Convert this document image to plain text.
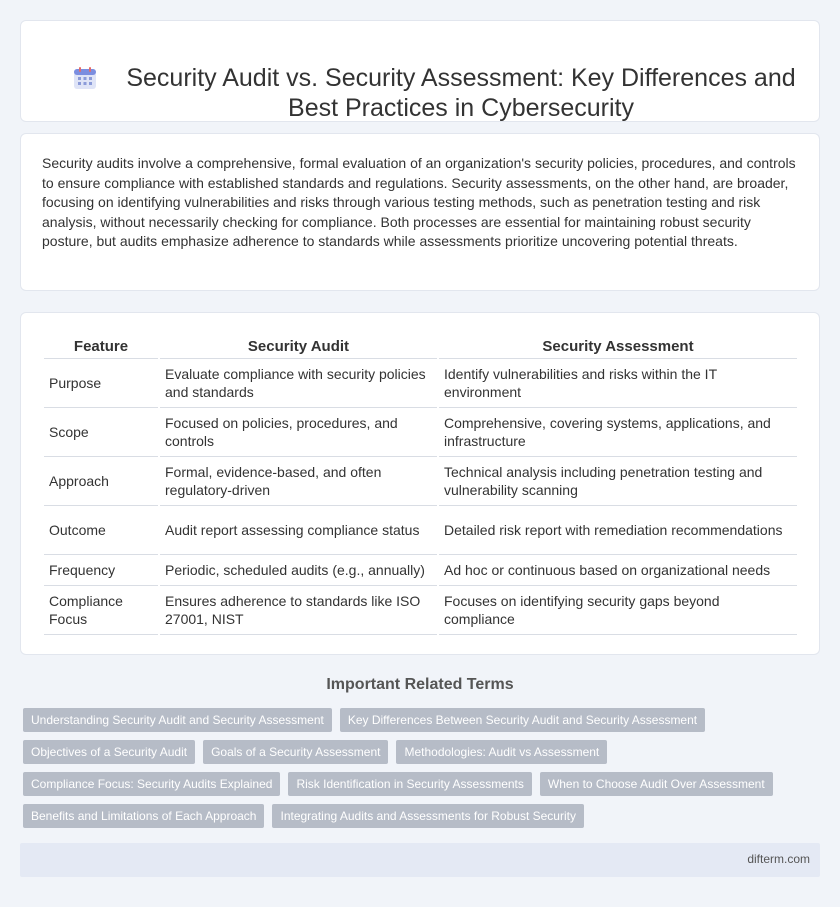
Security Audit vs. Security Assessment: Key Differences and Best Practices in Cybersecurity

Security audits involve a comprehensive, formal evaluation of an organization's security policies, procedures, and controls to ensure compliance with established standards and regulations. Security assessments, on the other hand, are broader, focusing on identifying vulnerabilities and risks through various testing methods, such as penetration testing and risk analysis, without necessarily checking for compliance. Both processes are essential for maintaining robust security posture, but audits emphasize adherence to standards while assessments prioritize uncovering potential threats.

Feature	Security Audit	Security Assessment
Purpose	Evaluate compliance with security policies and standards	Identify vulnerabilities and risks within the IT environment
Scope	Focused on policies, procedures, and controls	Comprehensive, covering systems, applications, and infrastructure
Approach	Formal, evidence-based, and often regulatory-driven	Technical analysis including penetration testing and vulnerability scanning
Outcome	Audit report assessing compliance status	Detailed risk report with remediation recommendations
Frequency	Periodic, scheduled audits (e.g., annually)	Ad hoc or continuous based on organizational needs
Compliance Focus	Ensures adherence to standards like ISO 27001, NIST	Focuses on identifying security gaps beyond compliance
Important Related Terms
Understanding Security Audit and Security Assessment	Key Differences Between Security Audit and Security Assessment
Objectives of a Security Audit	Goals of a Security Assessment	Methodologies: Audit vs Assessment
Compliance Focus: Security Audits Explained	Risk Identification in Security Assessments	When to Choose Audit Over Assessment
Benefits and Limitations of Each Approach	Integrating Audits and Assessments for Robust Security
difterm.com
